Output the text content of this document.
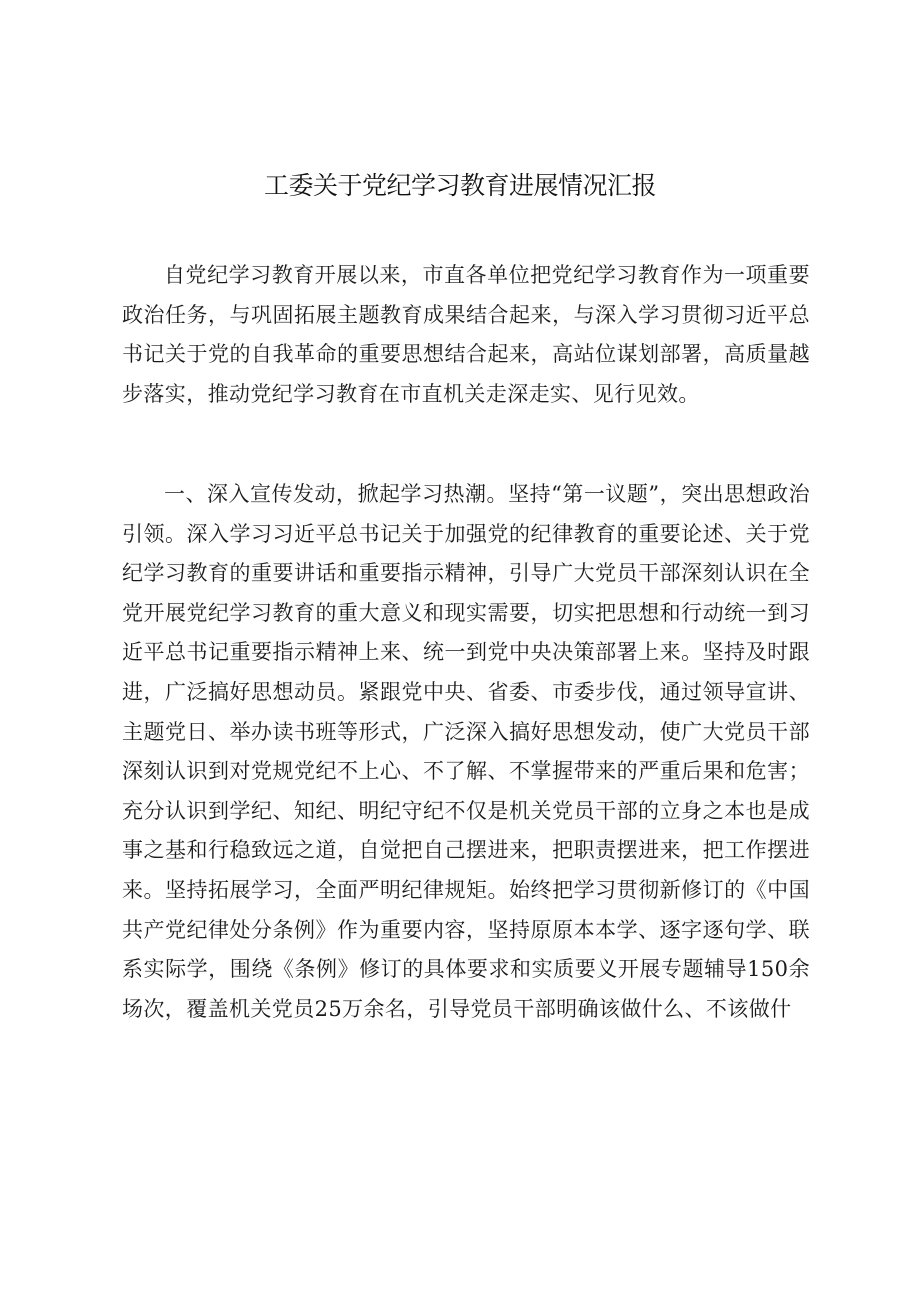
工委关于党纪学习教育进展情况汇报

自党纪学习教育开展以来，市直各单位把党纪学习教育作为一项重要政治任务，与巩固拓展主题教育成果结合起来，与深入学习贯彻习近平总书记关于党的自我革命的重要思想结合起来，高站位谋划部署，高质量越步落实，推动党纪学习教育在市直机关走深走实、见行见效。

一、深入宣传发动，掀起学习热潮。坚持“第一议题”，突出思想政治引领。深入学习习近平总书记关于加强党的纪律教育的重要论述、关于党纪学习教育的重要讲话和重要指示精神，引导广大党员干部深刻认识在全党开展党纪学习教育的重大意义和现实需要，切实把思想和行动统一到习近平总书记重要指示精神上来、统一到党中央决策部署上来。坚持及时跟进，广泛搞好思想动员。紧跟党中央、省委、市委步伐，通过领导宣讲、主题党日、举办读书班等形式，广泛深入搞好思想发动，使广大党员干部深刻认识到对党规党纪不上心、不了解、不掌握带来的严重后果和危害；充分认识到学纪、知纪、明纪守纪不仅是机关党员干部的立身之本也是成事之基和行稳致远之道，自觉把自己摆进来，把职责摆进来，把工作摆进来。坚持拓展学习，全面严明纪律规矩。始终把学习贯彻新修订的《中国共产党纪律处分条例》作为重要内容，坚持原原本本学、逐字逐句学、联系实际学，围绕《条例》修订的具体要求和实质要义开展专题辅导150余场次，覆盖机关党员25万余名，引导党员干部明确该做什么、不该做什
